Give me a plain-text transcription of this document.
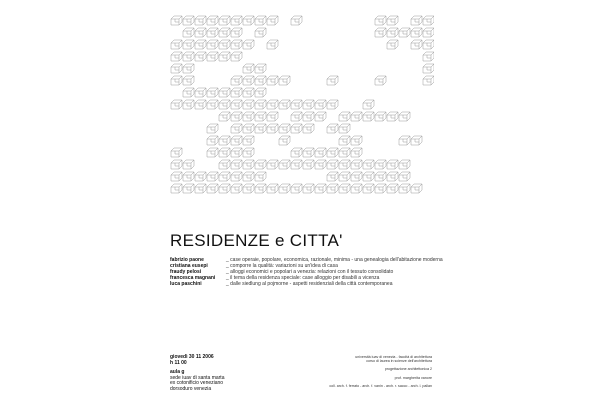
RESIDENZE e CITTA'
fabrizio paone	_ case operaie, popolare, economica, razionale, minima - una genealogia dell'abitazione moderna
cristiana eusepi	_ comporre la qualità: variazioni su un'idea di casa
fraudy pelosi	_ alloggi economici e popolari a venezia: relazioni con il tessuto consolidato
francesca magnani	_ il tema della residenza speciale: case alloggio per disabili a vicenza
luca paschini	_ dalle siedlung al pojmorne - aspetti residenziali della città contemporanea
giovedì 30 11 2006
h 11 00
aula g
sede iuav di santa marta
ex cotonificio veneziano
dorsoduro venezia
università iuav di venezia - facoltà di architettura
corso di laurea in scienze dell'architettura
progettazione architettonica 2
prof. margherita vanore
coll. arch. f. ferrato - arch. f. vanin - arch. r. sacco - arch. l. pallan
